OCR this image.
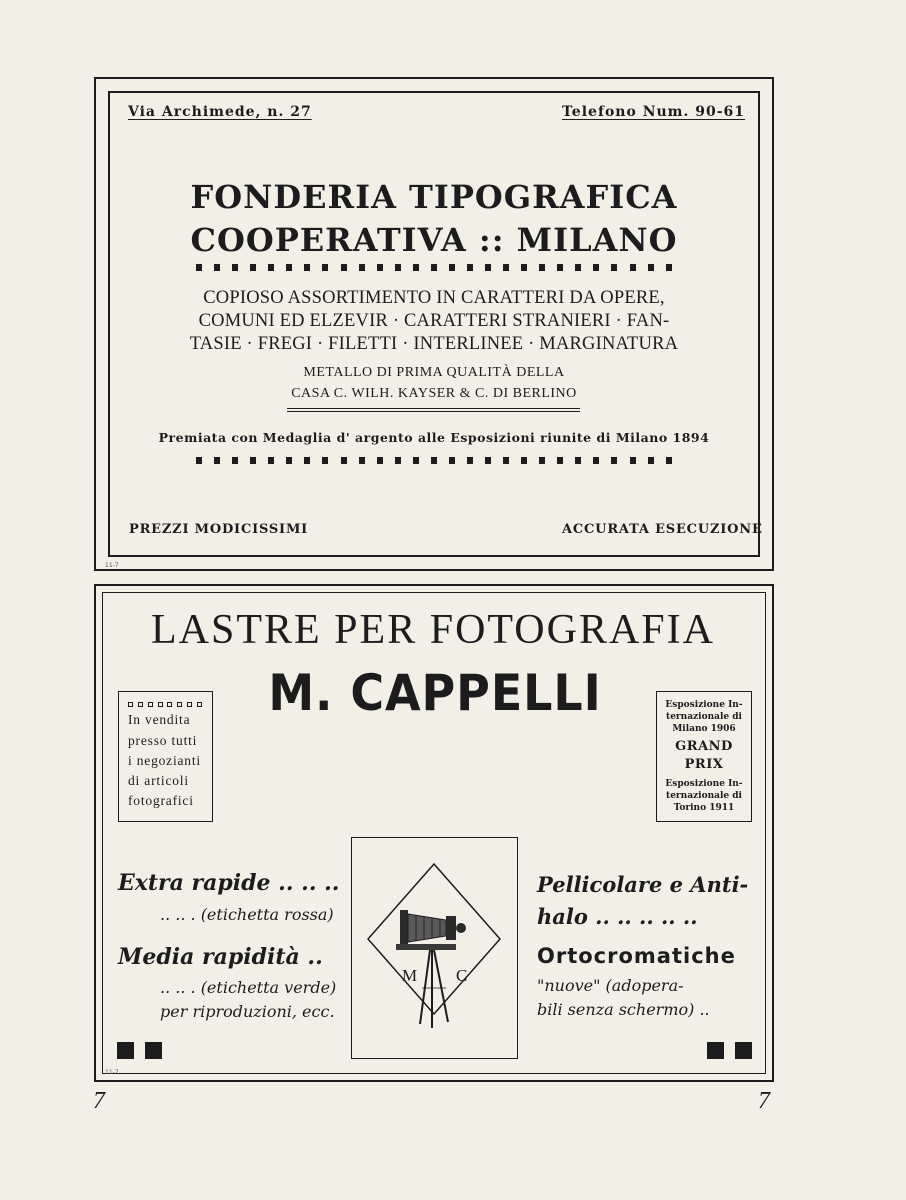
Via Archimede, n. 27	Telefono Num. 90-61
FONDERIA TIPOGRAFICA
COOPERATIVA :: MILANO
COPIOSO ASSORTIMENTO IN CARATTERI DA OPERE,
COMUNI ED ELZEVIR · CARATTERI STRANIERI · FAN-
TASIE · FREGI · FILETTI · INTERLINEE · MARGINATURA
METALLO DI PRIMA QUALITÀ DELLA
CASA C. WILH. KAYSER & C. DI BERLINO
Premiata con Medaglia d' argento alle Esposizioni riunite di Milano 1894
PREZZI MODICISSIMI	ACCURATA ESECUZIONE
11-7
LASTRE PER FOTOGRAFIA
M. CAPPELLI
In vendita
presso tutti
i negozianti
di articoli
fotografici
Esposizione In-
ternazionale di
Milano 1906
GRAND
PRIX
Esposizione In-
ternazionale di
Torino 1911
Extra rapide .. .. ..
.. .. . (etichetta rossa)
Media rapidità ..
.. .. . (etichetta verde)
per riproduzioni, ecc.
Pellicolare e Anti-
halo .. .. .. .. ..
Ortocromatiche
"nuove" (adopera-
bili senza schermo) ..
M C
11-7
7	7
